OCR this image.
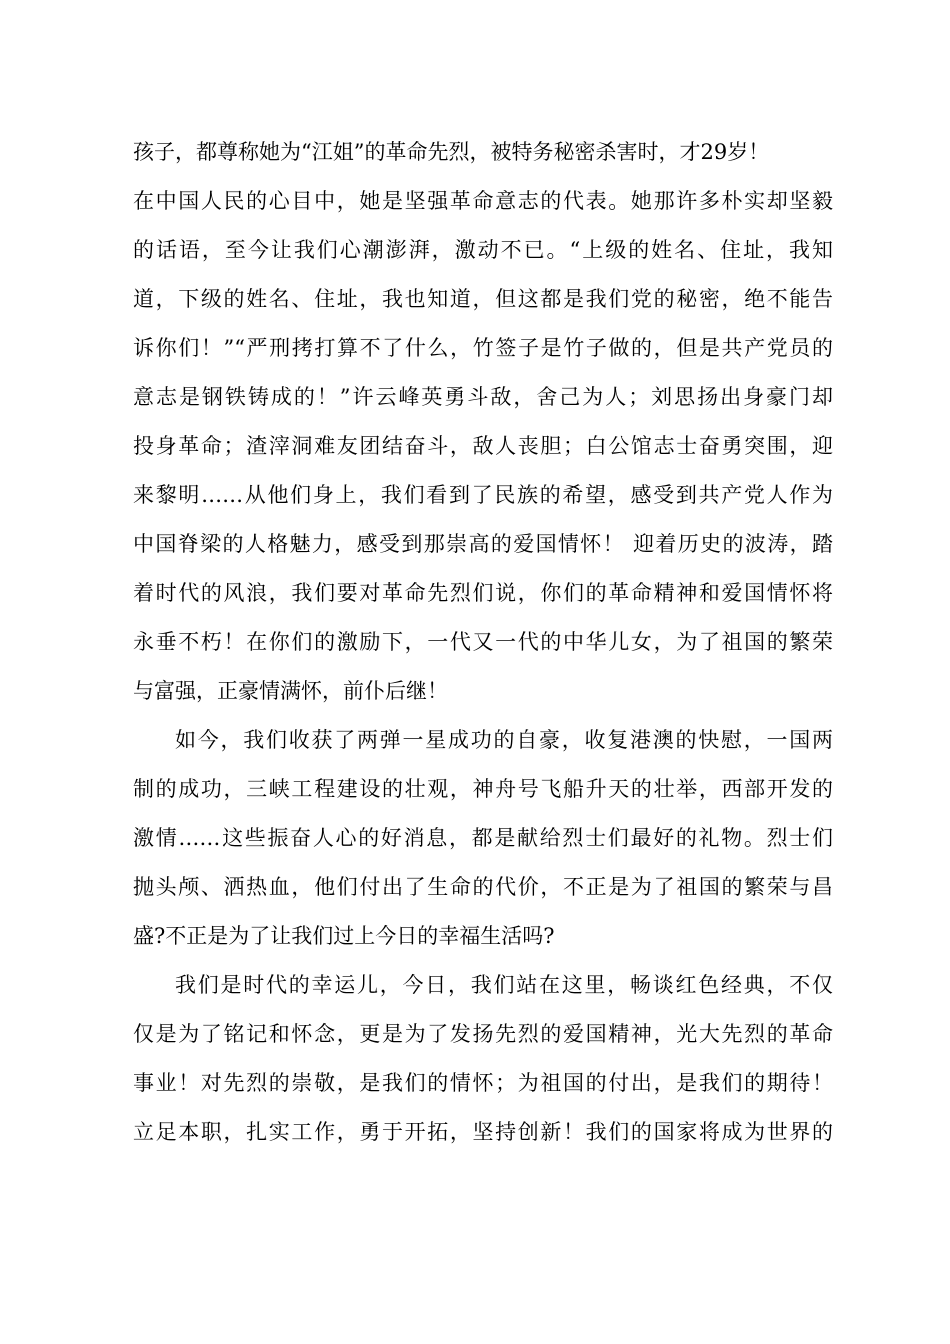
孩子，都尊称她为“江姐”的革命先烈，被特务秘密杀害时，才29岁！
在中国人民的心目中，她是坚强革命意志的代表。她那许多朴实却坚毅
的话语，至今让我们心潮澎湃，激动不已。“上级的姓名、住址，我知
道，下级的姓名、住址，我也知道，但这都是我们党的秘密，绝不能告
诉你们！”“严刑拷打算不了什么，竹签子是竹子做的，但是共产党员的
意志是钢铁铸成的！”许云峰英勇斗敌，舍己为人；刘思扬出身豪门却
投身革命；渣滓洞难友团结奋斗，敌人丧胆；白公馆志士奋勇突围，迎
来黎明……从他们身上，我们看到了民族的希望，感受到共产党人作为
中国脊梁的人格魅力，感受到那崇高的爱国情怀！ 迎着历史的波涛，踏
着时代的风浪，我们要对革命先烈们说，你们的革命精神和爱国情怀将
永垂不朽！在你们的激励下，一代又一代的中华儿女，为了祖国的繁荣
与富强，正豪情满怀，前仆后继！
如今，我们收获了两弹一星成功的自豪，收复港澳的快慰，一国两
制的成功，三峡工程建设的壮观，神舟号飞船升天的壮举，西部开发的
激情……这些振奋人心的好消息，都是献给烈士们最好的礼物。烈士们
抛头颅、洒热血，他们付出了生命的代价，不正是为了祖国的繁荣与昌
盛?不正是为了让我们过上今日的幸福生活吗?
我们是时代的幸运儿，今日，我们站在这里，畅谈红色经典，不仅
仅是为了铭记和怀念，更是为了发扬先烈的爱国精神，光大先烈的革命
事业！对先烈的崇敬，是我们的情怀；为祖国的付出，是我们的期待！
立足本职，扎实工作，勇于开拓，坚持创新！我们的国家将成为世界的
